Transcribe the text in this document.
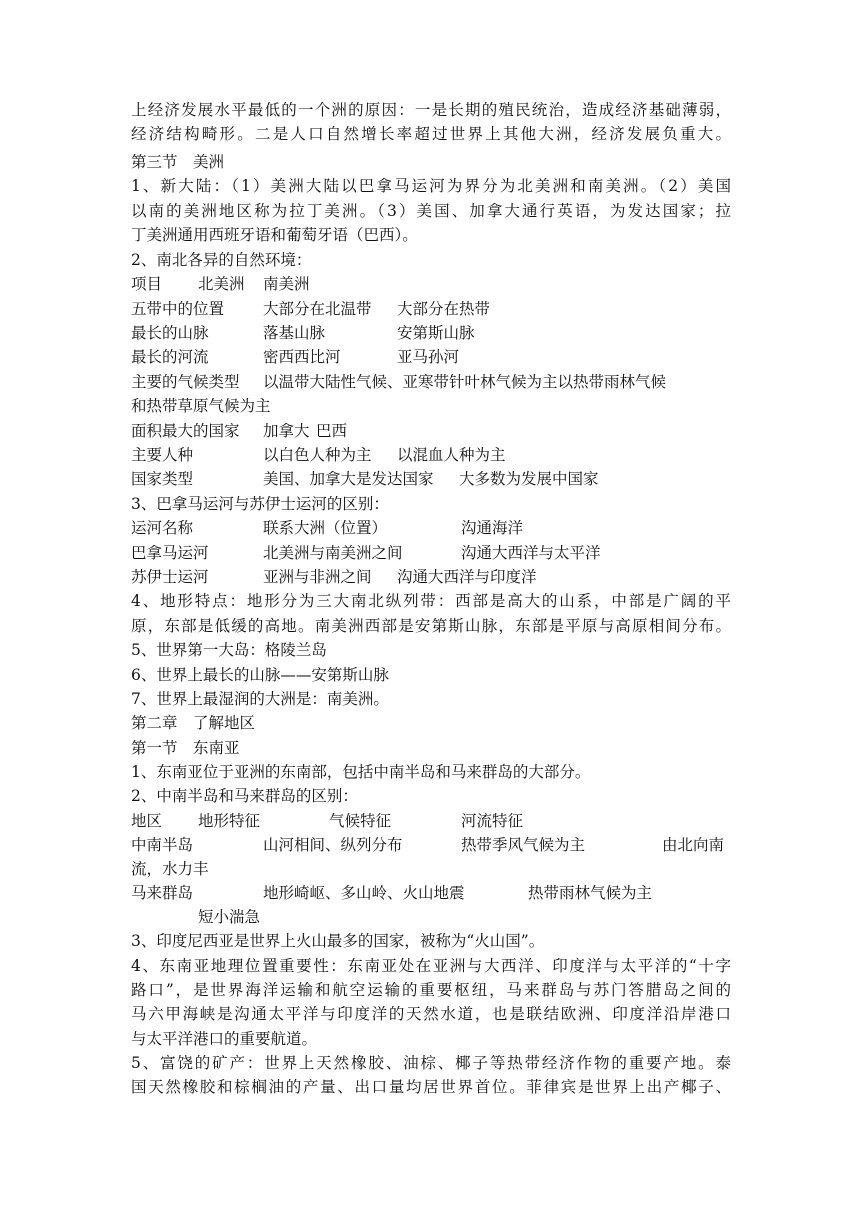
上经济发展水平最低的一个洲的原因：一是长期的殖民统治，造成经济基础薄弱，
经济结构畸形。二是人口自然增长率超过世界上其他大洲，经济发展负重大。
第三节　美洲
1、新大陆：（1）美洲大陆以巴拿马运河为界分为北美洲和南美洲。（2）美国
以南的美洲地区称为拉丁美洲。（3）美国、加拿大通行英语，为发达国家；拉
丁美洲通用西班牙语和葡萄牙语（巴西）。
2、南北各异的自然环境：
项目 北美洲 南美洲
五带中的位置	大部分在北温带 大部分在热带
最长的山脉	落基山脉	安第斯山脉
最长的河流	密西西比河	亚马孙河
主要的气候类型 以温带大陆性气候、亚寒带针叶林气候为主以热带雨林气候
和热带草原气候为主
面积最大的国家 加拿大 巴西
主要人种	以白色人种为主 以混血人种为主
国家类型	美国、加拿大是发达国家 大多数为发展中国家
3、巴拿马运河与苏伊士运河的区别：
运河名称	联系大洲（位置）	沟通海洋
巴拿马运河	北美洲与南美洲之间	沟通大西洋与太平洋
苏伊士运河	亚洲与非洲之间 沟通大西洋与印度洋
4、地形特点：地形分为三大南北纵列带：西部是高大的山系，中部是广阔的平
原，东部是低缓的高地。南美洲西部是安第斯山脉，东部是平原与高原相间分布。
5、世界第一大岛：格陵兰岛
6、世界上最长的山脉——安第斯山脉
7、世界上最湿润的大洲是：南美洲。
第二章　了解地区
第一节　东南亚
1、东南亚位于亚洲的东南部，包括中南半岛和马来群岛的大部分。
2、中南半岛和马来群岛的区别：
地区 地形特征	气候特征	河流特征
中南半岛	山河相间、纵列分布	热带季风气候为主	由北向南
流，水力丰
马来群岛	地形崎岖、多山岭、火山地震	热带雨林气候为主
短小湍急
3、印度尼西亚是世界上火山最多的国家，被称为“火山国”。
4、东南亚地理位置重要性：东南亚处在亚洲与大西洋、印度洋与太平洋的“十字
路口”，是世界海洋运输和航空运输的重要枢纽，马来群岛与苏门答腊岛之间的
马六甲海峡是沟通太平洋与印度洋的天然水道，也是联结欧洲、印度洋沿岸港口
与太平洋港口的重要航道。
5、富饶的矿产：世界上天然橡胶、油棕、椰子等热带经济作物的重要产地。泰
国天然橡胶和棕榈油的产量、出口量均居世界首位。菲律宾是世界上出产椰子、
